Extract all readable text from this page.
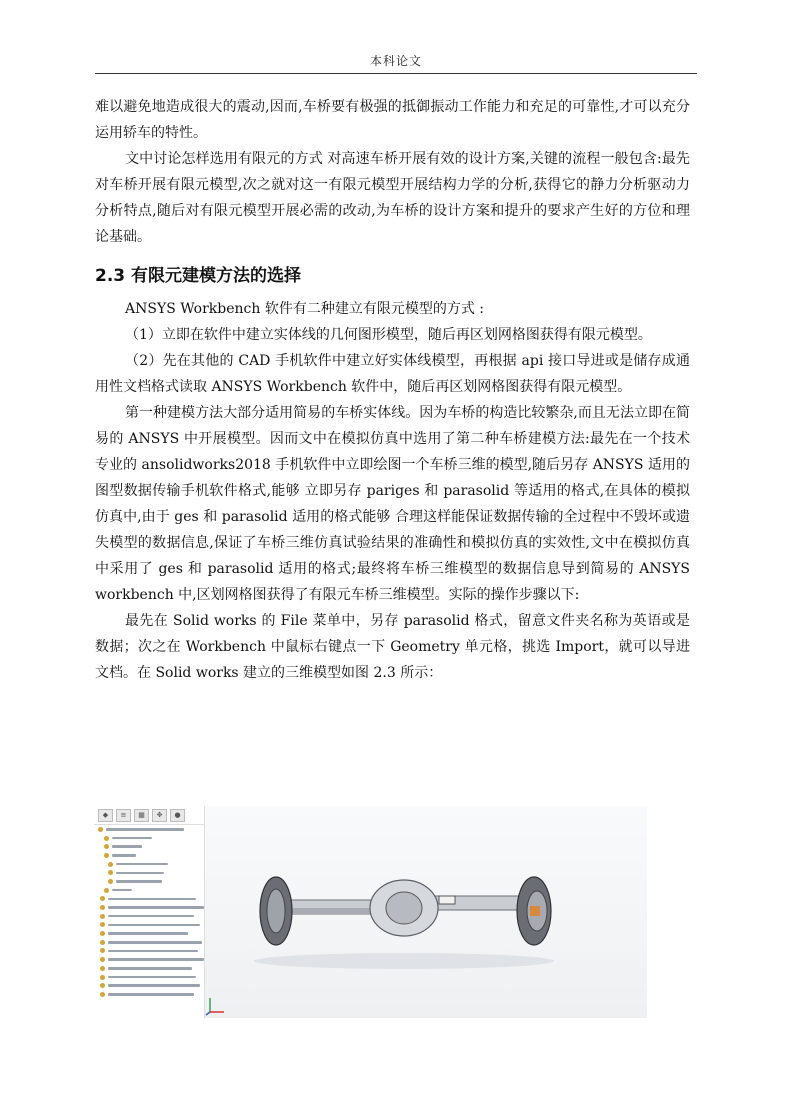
本科论文

难以避免地造成很大的震动,因而,车桥要有极强的抵御振动工作能力和充足的可靠性,才可以充分运用轿车的特性。

文中讨论怎样选用有限元的方式 对高速车桥开展有效的设计方案,关键的流程一般包含:最先对车桥开展有限元模型,次之就对这一有限元模型开展结构力学的分析,获得它的静力分析驱动力分析特点,随后对有限元模型开展必需的改动,为车桥的设计方案和提升的要求产生好的方位和理论基础。

2.3 有限元建模方法的选择

ANSYS Workbench 软件有二种建立有限元模型的方式 :

（1）立即在软件中建立实体线的几何图形模型，随后再区划网格图获得有限元模型。

（2）先在其他的 CAD 手机软件中建立好实体线模型，再根据 api 接口导进或是储存成通用性文档格式读取 ANSYS Workbench 软件中，随后再区划网格图获得有限元模型。

第一种建模方法大部分适用简易的车桥实体线。因为车桥的构造比较繁杂,而且无法立即在简易的 ANSYS 中开展模型。因而文中在模拟仿真中选用了第二种车桥建模方法:最先在一个技术专业的 ansolidworks2018 手机软件中立即绘图一个车桥三维的模型,随后另存 ANSYS 适用的图型数据传输手机软件格式,能够 立即另存 pariges 和 parasolid 等适用的格式,在具体的模拟仿真中,由于 ges 和 parasolid 适用的格式能够 合理这样能保证数据传输的全过程中不毁坏或遗失模型的数据信息,保证了车桥三维仿真试验结果的准确性和模拟仿真的实效性,文中在模拟仿真中采用了 ges 和 parasolid 适用的格式;最终将车桥三维模型的数据信息导到简易的 ANSYS workbench 中,区划网格图获得了有限元车桥三维模型。实际的操作步骤以下:

最先在 Solid works 的 File 菜单中，另存 parasolid 格式，留意文件夹名称为英语或是数据；次之在 Workbench 中鼠标右键点一下 Geometry 单元格，挑选 Import，就可以导进文档。在 Solid works 建立的三维模型如图 2.3 所示：

◆	≡	▦	✥	●
